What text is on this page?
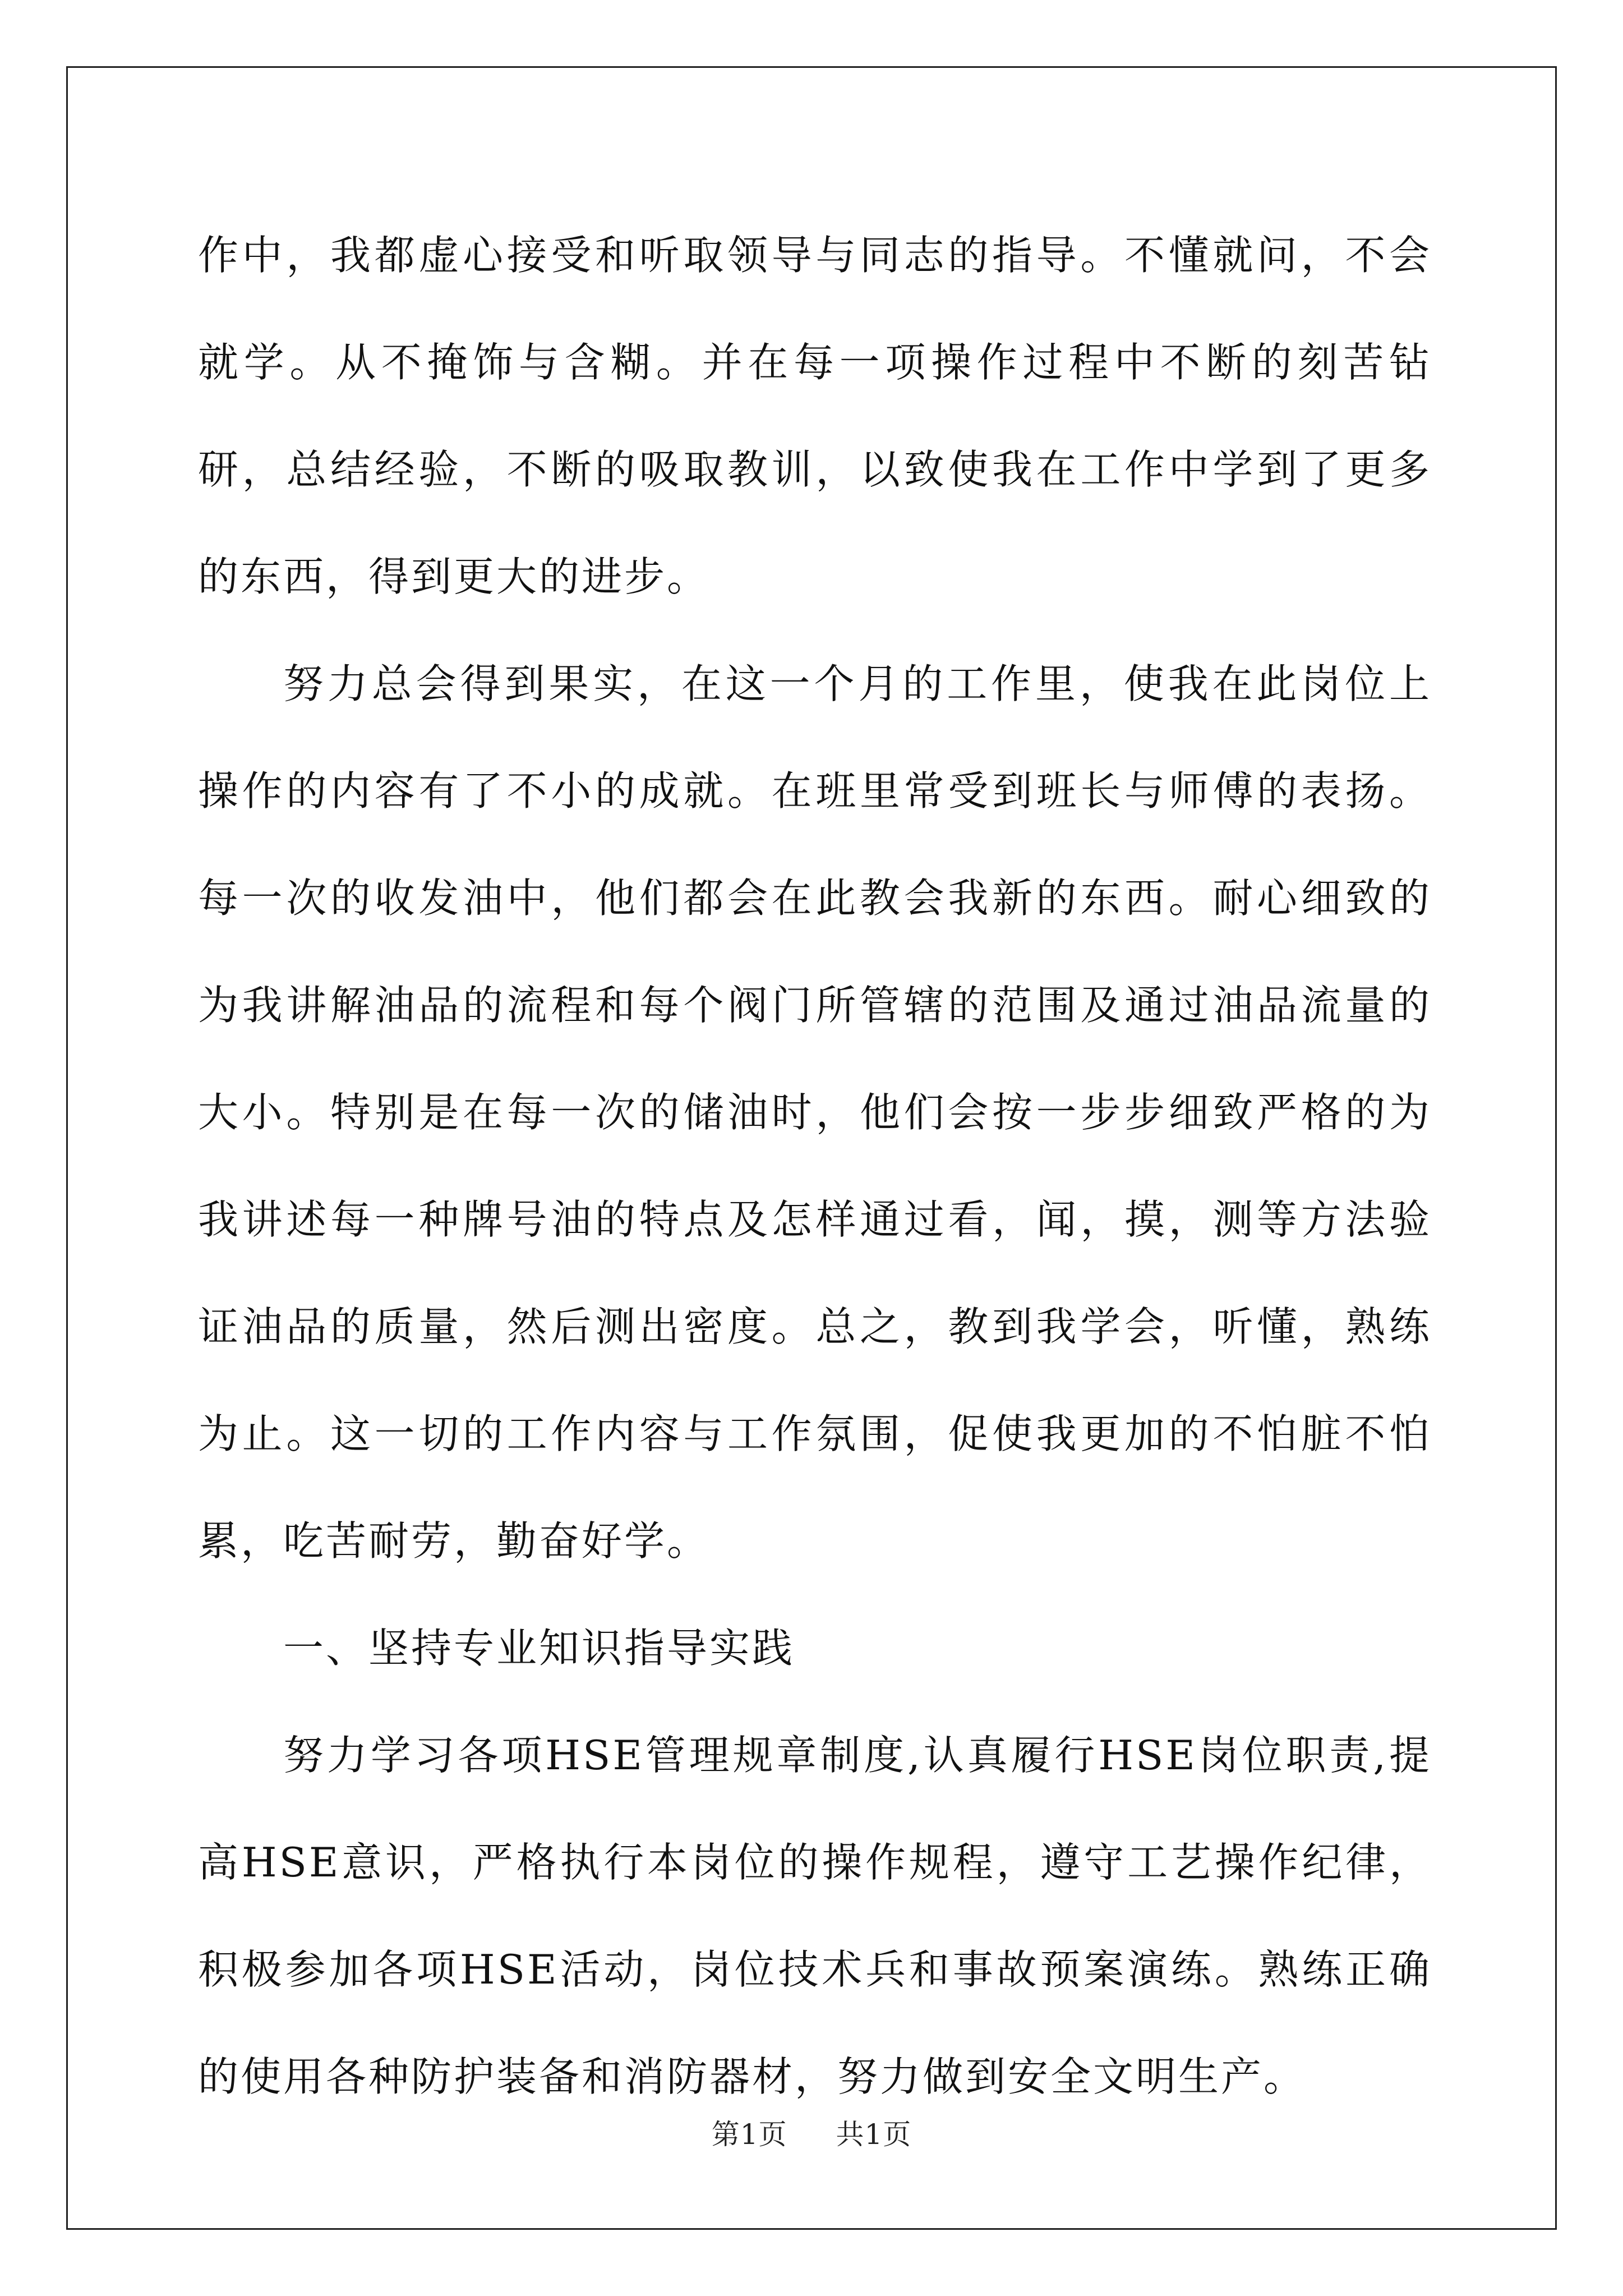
作中，我都虚心接受和听取领导与同志的指导。不懂就问，不会就学。从不掩饰与含糊。并在每一项操作过程中不断的刻苦钻研，总结经验，不断的吸取教训，以致使我在工作中学到了更多的东西，得到更大的进步。

努力总会得到果实，在这一个月的工作里，使我在此岗位上操作的内容有了不小的成就。在班里常受到班长与师傅的表扬。每一次的收发油中，他们都会在此教会我新的东西。耐心细致的为我讲解油品的流程和每个阀门所管辖的范围及通过油品流量的大小。特别是在每一次的储油时，他们会按一步步细致严格的为我讲述每一种牌号油的特点及怎样通过看，闻，摸，测等方法验证油品的质量，然后测出密度。总之，教到我学会，听懂，熟练为止。这一切的工作内容与工作氛围，促使我更加的不怕脏不怕累，吃苦耐劳，勤奋好学。

一、坚持专业知识指导实践

努力学习各项HSE管理规章制度,认真履行HSE岗位职责,提高HSE意识，严格执行本岗位的操作规程，遵守工艺操作纪律，积极参加各项HSE活动，岗位技术兵和事故预案演练。熟练正确的使用各种防护装备和消防器材，努力做到安全文明生产。

第1页 共1页
